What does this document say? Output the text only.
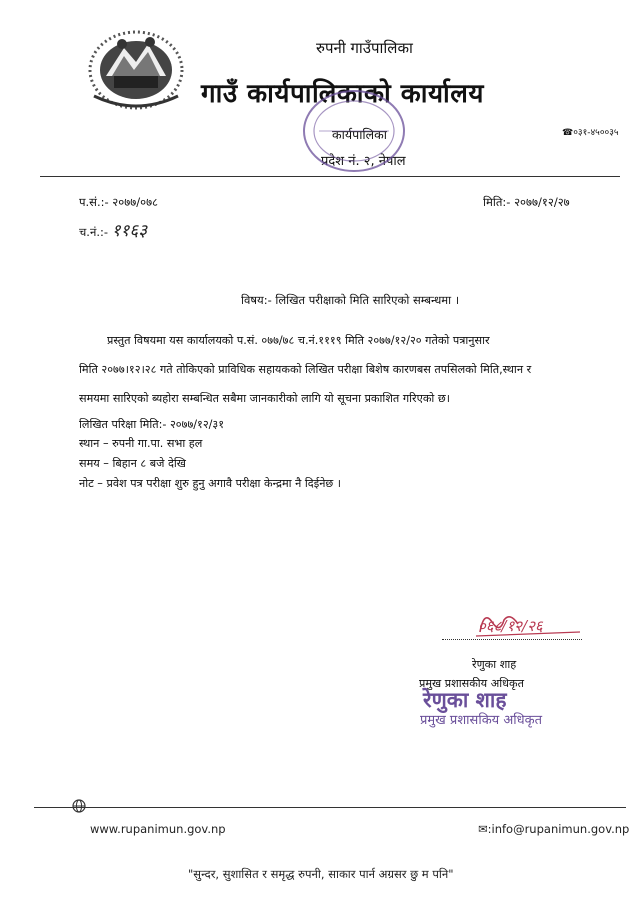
रुपनी गाउँपालिका
गाउँ कार्यपालिकाको कार्यालय
कार्यपालिका
प्रदेश नं. २, नेपाल
☎०३१-४५००३५
प.सं.:- २०७७/०७८
च.नं.:- ११६३
मिति:- २०७७/१२/२७
विषय:- लिखित परीक्षाको मिति सारिएको सम्बन्धमा ।
प्रस्तुत विषयमा यस कार्यालयको प.सं. ०७७/७८ च.नं.१११९ मिति २०७७/१२/२० गतेको पत्रानुसार
मिति २०७७।१२।२८ गते तोकिएको प्राविधिक सहायकको लिखित परीक्षा बिशेष कारणबस तपसिलको मिति,स्थान र
समयमा सारिएको ब्यहोरा सम्बन्धित सबैमा जानकारीको लागि यो सूचना प्रकाशित गरिएको छ।
लिखित परिक्षा मिति:- २०७७/१२/३१
स्थान – रुपनी गा.पा. सभा हल
समय – बिहान ८ बजे देखि
नोट – प्रवेश पत्र परीक्षा शुरु हुनु अगावै परीक्षा केन्द्रमा नै दिईनेछ ।
०६८/१२/२६
रेणुका शाह
प्रमुख प्रशासकीय अधिकृत
रेणुका शाह
प्रमुख प्रशासकिय अधिकृत
www.rupanimun.gov.np	✉:info@rupanimun.gov.np
"सुन्दर, सुशासित र समृद्ध रुपनी, साकार पार्न अग्रसर छु म पनि"
